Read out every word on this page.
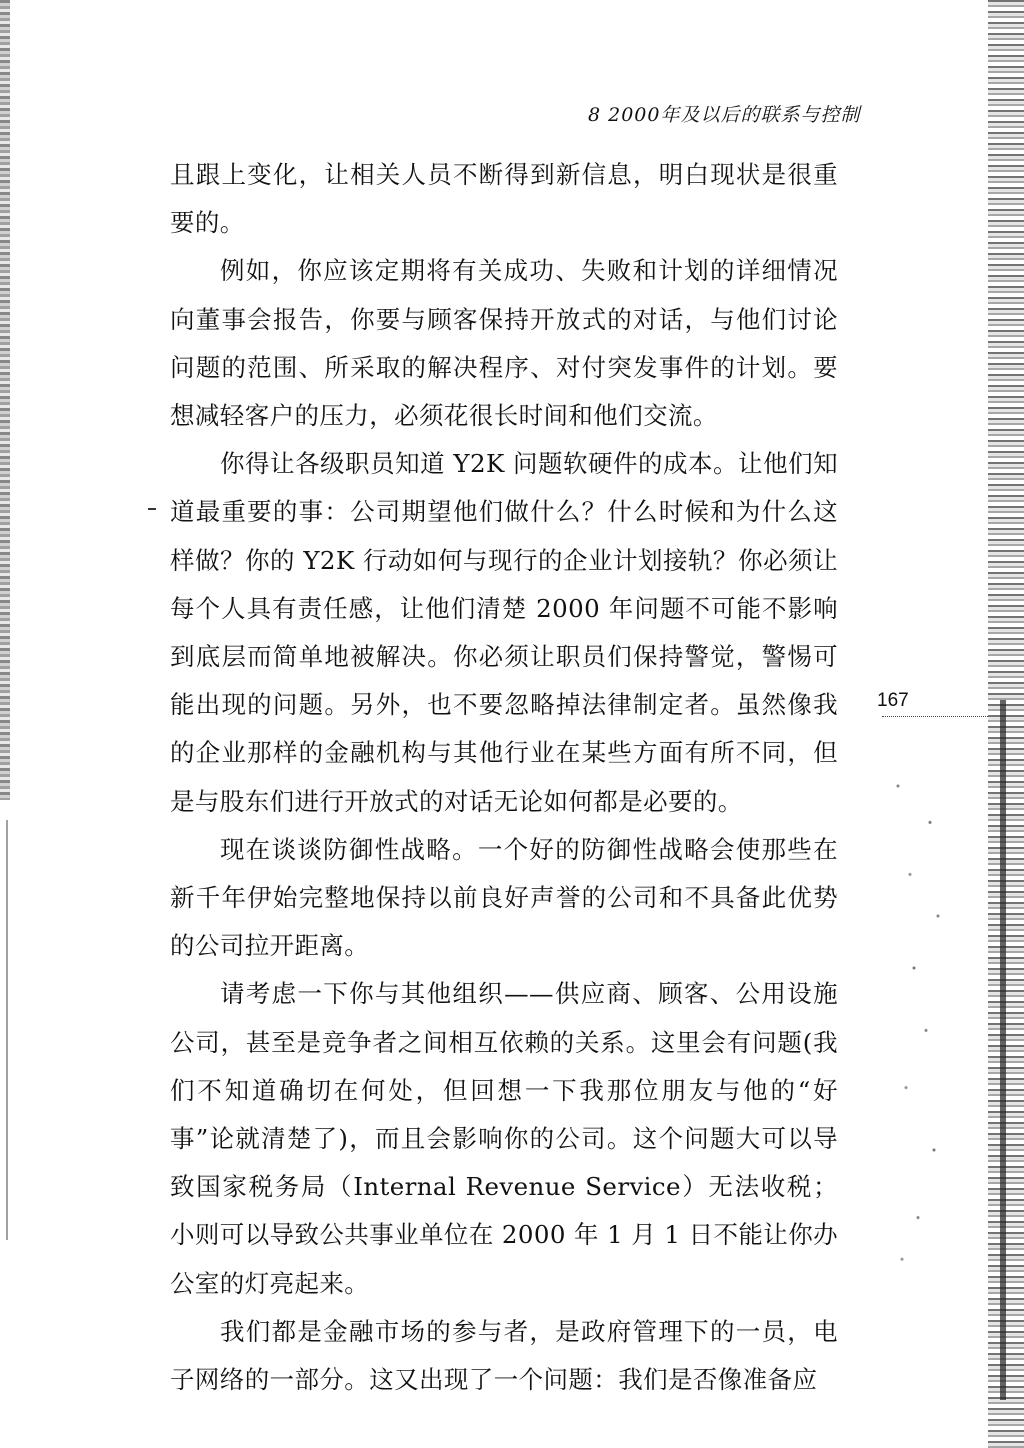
8 2000年及以后的联系与控制
167

且跟上变化，让相关人员不断得到新信息，明白现状是很重要的。

例如，你应该定期将有关成功、失败和计划的详细情况向董事会报告，你要与顾客保持开放式的对话，与他们讨论问题的范围、所采取的解决程序、对付突发事件的计划。要想减轻客户的压力，必须花很长时间和他们交流。

你得让各级职员知道 Y2K 问题软硬件的成本。让他们知道最重要的事：公司期望他们做什么？什么时候和为什么这样做？你的 Y2K 行动如何与现行的企业计划接轨？你必须让每个人具有责任感，让他们清楚 2000 年问题不可能不影响到底层而简单地被解决。你必须让职员们保持警觉，警惕可能出现的问题。另外，也不要忽略掉法律制定者。虽然像我的企业那样的金融机构与其他行业在某些方面有所不同，但是与股东们进行开放式的对话无论如何都是必要的。

现在谈谈防御性战略。一个好的防御性战略会使那些在新千年伊始完整地保持以前良好声誉的公司和不具备此优势的公司拉开距离。

请考虑一下你与其他组织——供应商、顾客、公用设施公司，甚至是竞争者之间相互依赖的关系。这里会有问题(我们不知道确切在何处，但回想一下我那位朋友与他的“好事”论就清楚了)，而且会影响你的公司。这个问题大可以导致国家税务局（Internal Revenue Service）无法收税；小则可以导致公共事业单位在 2000 年 1 月 1 日不能让你办公室的灯亮起来。

我们都是金融市场的参与者，是政府管理下的一员，电子网络的一部分。这又出现了一个问题：我们是否像准备应
